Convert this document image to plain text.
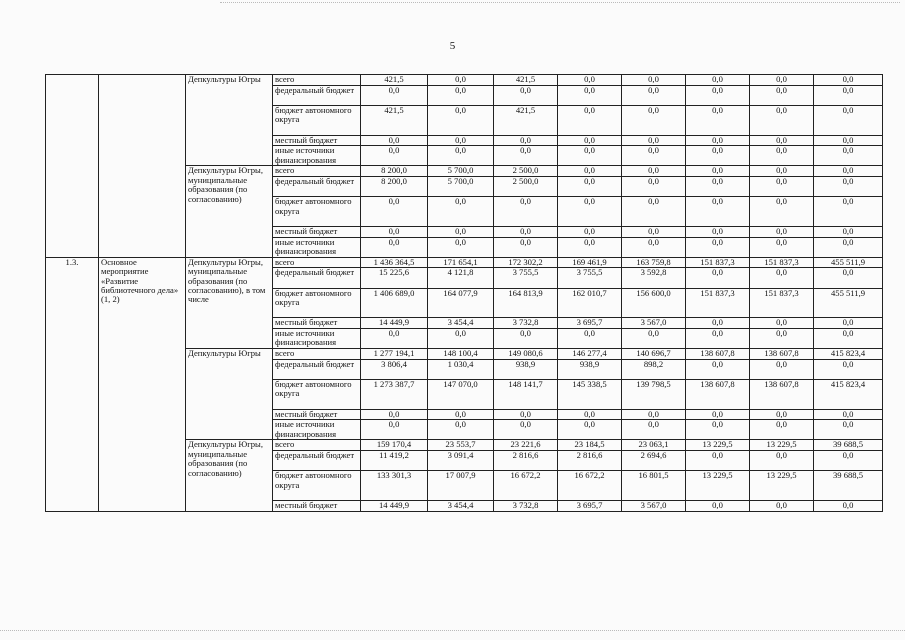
5
		Депкультуры Югры	всего	421,5	0,0	421,5	0,0	0,0	0,0	0,0	0,0
			федеральный бюджет	0,0	0,0	0,0	0,0	0,0	0,0	0,0	0,0
			бюджет автономного округа	421,5	0,0	421,5	0,0	0,0	0,0	0,0	0,0
			местный бюджет	0,0	0,0	0,0	0,0	0,0	0,0	0,0	0,0
			иные источники финансирования	0,0	0,0	0,0	0,0	0,0	0,0	0,0	0,0
		Депкультуры Югры, муниципальные образования (по согласованию)	всего	8 200,0	5 700,0	2 500,0	0,0	0,0	0,0	0,0	0,0
			федеральный бюджет	8 200,0	5 700,0	2 500,0	0,0	0,0	0,0	0,0	0,0
			бюджет автономного округа	0,0	0,0	0,0	0,0	0,0	0,0	0,0	0,0
			местный бюджет	0,0	0,0	0,0	0,0	0,0	0,0	0,0	0,0
			иные источники финансирования	0,0	0,0	0,0	0,0	0,0	0,0	0,0	0,0
1.3.	Основное мероприятие «Развитие библиотечного дела» (1, 2)	Депкультуры Югры, муниципальные образования (по согласованию), в том числе	всего	1 436 364,5	171 654,1	172 302,2	169 461,9	163 759,8	151 837,3	151 837,3	455 511,9
			федеральный бюджет	15 225,6	4 121,8	3 755,5	3 755,5	3 592,8	0,0	0,0	0,0
			бюджет автономного округа	1 406 689,0	164 077,9	164 813,9	162 010,7	156 600,0	151 837,3	151 837,3	455 511,9
			местный бюджет	14 449,9	3 454,4	3 732,8	3 695,7	3 567,0	0,0	0,0	0,0
			иные источники финансирования	0,0	0,0	0,0	0,0	0,0	0,0	0,0	0,0
		Депкультуры Югры	всего	1 277 194,1	148 100,4	149 080,6	146 277,4	140 696,7	138 607,8	138 607,8	415 823,4
			федеральный бюджет	3 806,4	1 030,4	938,9	938,9	898,2	0,0	0,0	0,0
			бюджет автономного округа	1 273 387,7	147 070,0	148 141,7	145 338,5	139 798,5	138 607,8	138 607,8	415 823,4
			местный бюджет	0,0	0,0	0,0	0,0	0,0	0,0	0,0	0,0
			иные источники финансирования	0,0	0,0	0,0	0,0	0,0	0,0	0,0	0,0
		Депкультуры Югры, муниципальные образования (по согласованию)	всего	159 170,4	23 553,7	23 221,6	23 184,5	23 063,1	13 229,5	13 229,5	39 688,5
			федеральный бюджет	11 419,2	3 091,4	2 816,6	2 816,6	2 694,6	0,0	0,0	0,0
			бюджет автономного округа	133 301,3	17 007,9	16 672,2	16 672,2	16 801,5	13 229,5	13 229,5	39 688,5
			местный бюджет	14 449,9	3 454,4	3 732,8	3 695,7	3 567,0	0,0	0,0	0,0
